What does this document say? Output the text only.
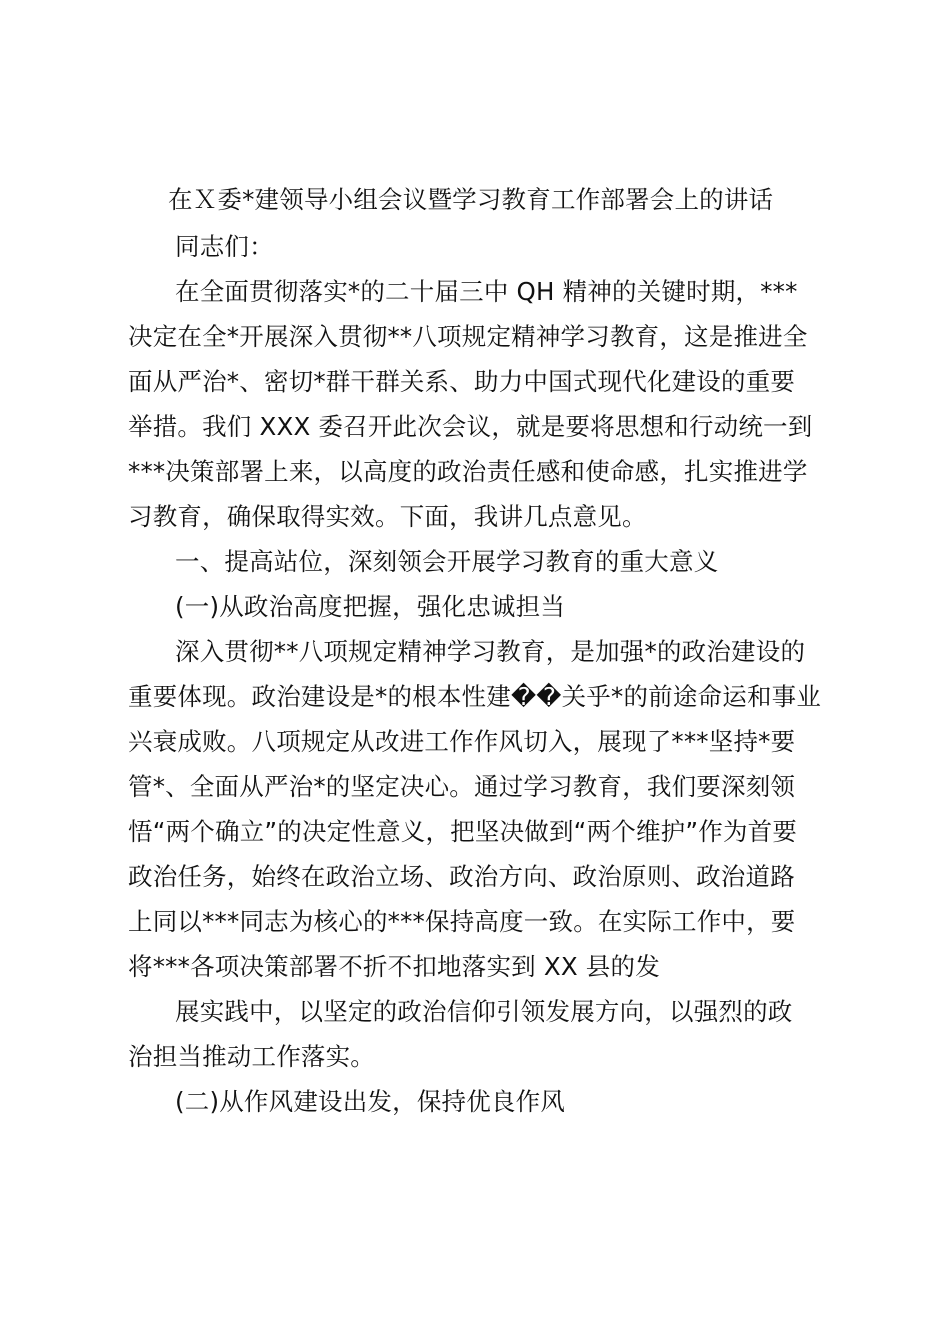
在Ｘ委*建领导小组会议暨学习教育工作部署会上的讲话
同志们：
在全面贯彻落实*的二十届三中 QH 精神的关键时期，***
决定在全*开展深入贯彻**八项规定精神学习教育，这是推进全
面从严治*、密切*群干群关系、助力中国式现代化建设的重要
举措。我们 XXX 委召开此次会议，就是要将思想和行动统一到
***决策部署上来，以高度的政治责任感和使命感，扎实推进学
习教育，确保取得实效。下面，我讲几点意见。
一、提高站位，深刻领会开展学习教育的重大意义
(一)从政治高度把握，强化忠诚担当
深入贯彻**八项规定精神学习教育，是加强*的政治建设的
重要体现。政治建设是*的根本性建��关乎*的前途命运和事业
兴衰成败。八项规定从改进工作作风切入，展现了***坚持*要
管*、全面从严治*的坚定决心。通过学习教育，我们要深刻领
悟“两个确立”的决定性意义，把坚决做到“两个维护”作为首要
政治任务，始终在政治立场、政治方向、政治原则、政治道路
上同以***同志为核心的***保持高度一致。在实际工作中，要
将***各项决策部署不折不扣地落实到 XX 县的发
展实践中，以坚定的政治信仰引领发展方向，以强烈的政
治担当推动工作落实。
(二)从作风建设出发，保持优良作风
